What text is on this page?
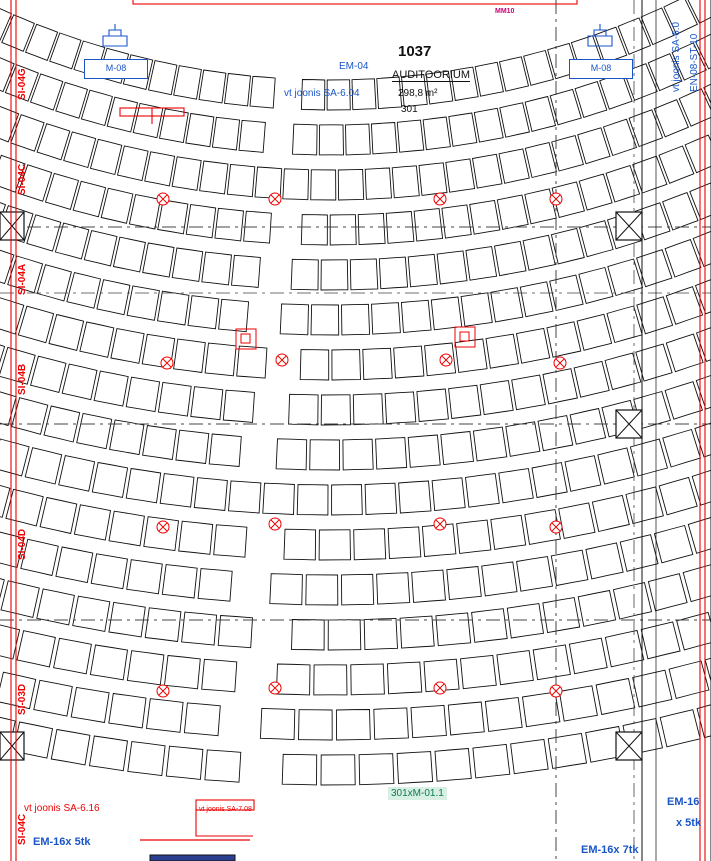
1037
AUDITOORIUM
298,8 m²
301
vt joonis SA-6.04
MM10
EM-04
M-08	M-08
301xM-01.1
vt joonis SA-6.16	vt joonis SA-7.08
EM-16x 5tk
EM-16
x 5tk
EM-16x 7tk
vt joonis SA-6.0 EN-08-ST-10
SI-04G
SI-04C
SI-04A
SI-04B
SI-04D
SI-03D
SI-04C
